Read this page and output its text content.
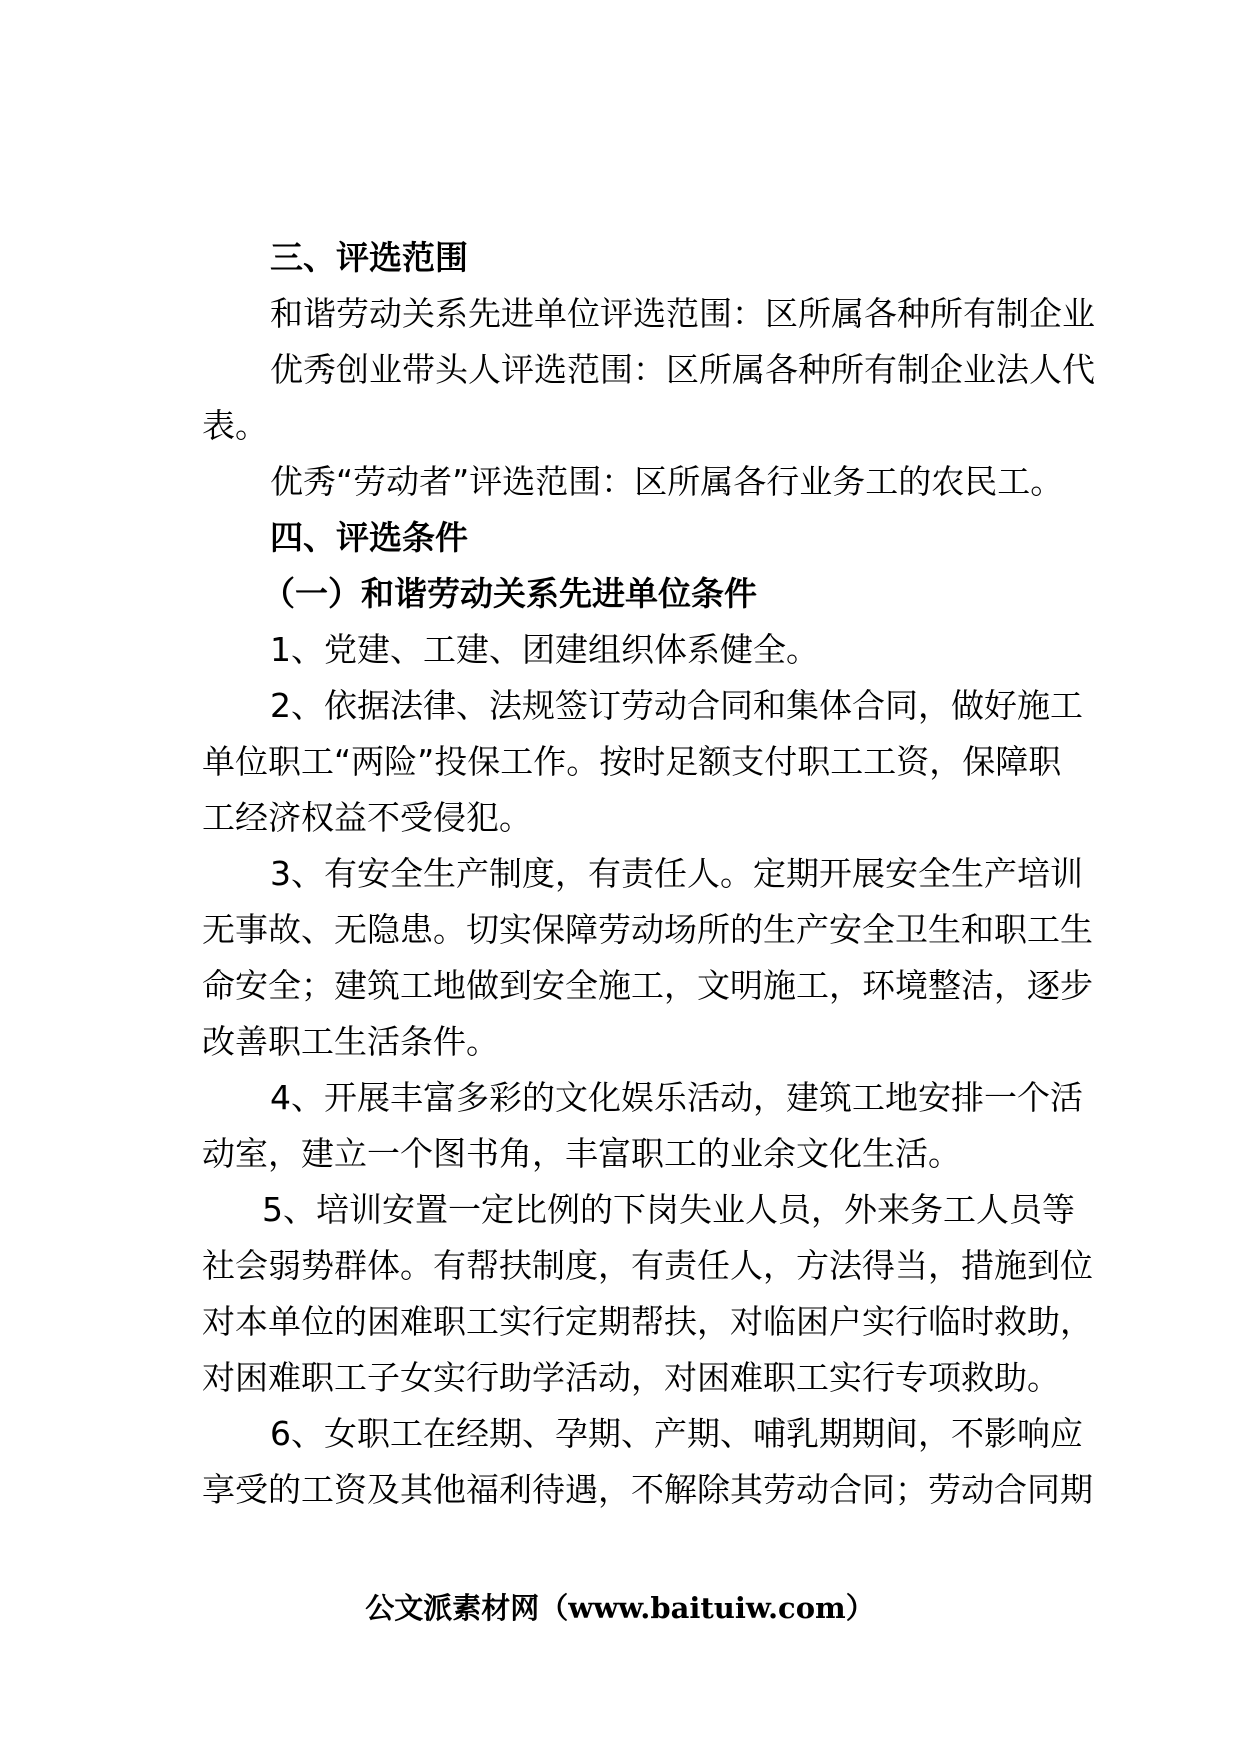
三、评选范围
和谐劳动关系先进单位评选范围：区所属各种所有制企业
优秀创业带头人评选范围：区所属各种所有制企业法人代
表。
优秀“劳动者”评选范围：区所属各行业务工的农民工。
四、评选条件
（一）和谐劳动关系先进单位条件
1、党建、工建、团建组织体系健全。
2、依据法律、法规签订劳动合同和集体合同，做好施工
单位职工“两险”投保工作。按时足额支付职工工资，保障职
工经济权益不受侵犯。
3、有安全生产制度，有责任人。定期开展安全生产培训
无事故、无隐患。切实保障劳动场所的生产安全卫生和职工生
命安全；建筑工地做到安全施工，文明施工，环境整洁，逐步
改善职工生活条件。
4、开展丰富多彩的文化娱乐活动，建筑工地安排一个活
动室，建立一个图书角，丰富职工的业余文化生活。
5、培训安置一定比例的下岗失业人员，外来务工人员等
社会弱势群体。有帮扶制度，有责任人，方法得当，措施到位
对本单位的困难职工实行定期帮扶，对临困户实行临时救助，
对困难职工子女实行助学活动，对困难职工实行专项救助。
6、女职工在经期、孕期、产期、哺乳期期间，不影响应
享受的工资及其他福利待遇，不解除其劳动合同；劳动合同期
公文派素材网（www.baituiw.com）
